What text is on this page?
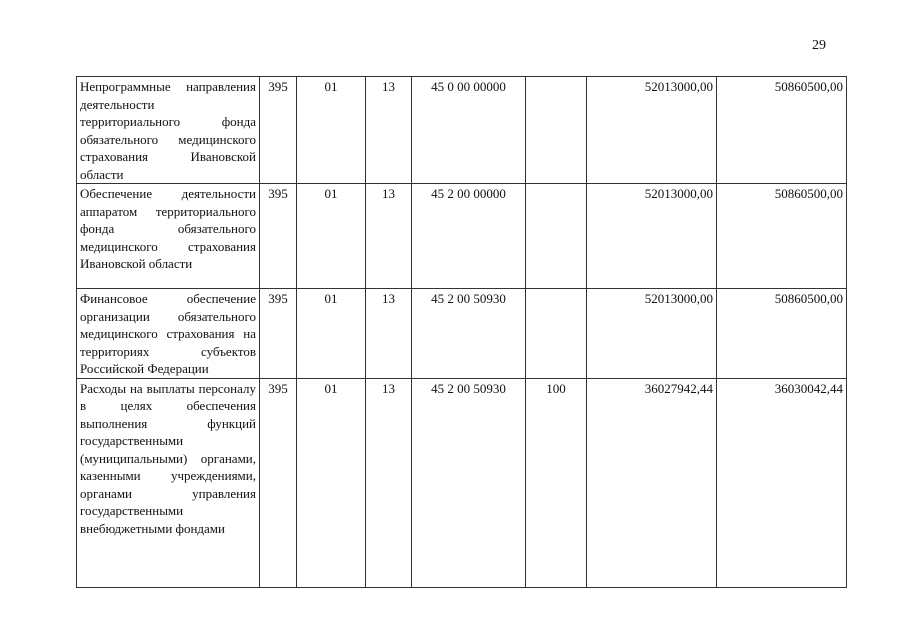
29
Непрограммные направления деятельности территориального фонда обязательного медицинского страхования Ивановской области	395	01	13	45 0 00 00000		52013000,00	50860500,00
Обеспечение деятельности аппаратом территориального фонда обязательного медицинского страхования Ивановской области	395	01	13	45 2 00 00000		52013000,00	50860500,00
Финансовое обеспечение организации обязательного медицинского страхования на территориях субъектов Российской Федерации	395	01	13	45 2 00 50930		52013000,00	50860500,00
Расходы на выплаты персоналу в целях обеспечения выполнения функций государственными (муниципальными) органами, казенными учреждениями, органами управления государственными внебюджетными фондами	395	01	13	45 2 00 50930	100	36027942,44	36030042,44
